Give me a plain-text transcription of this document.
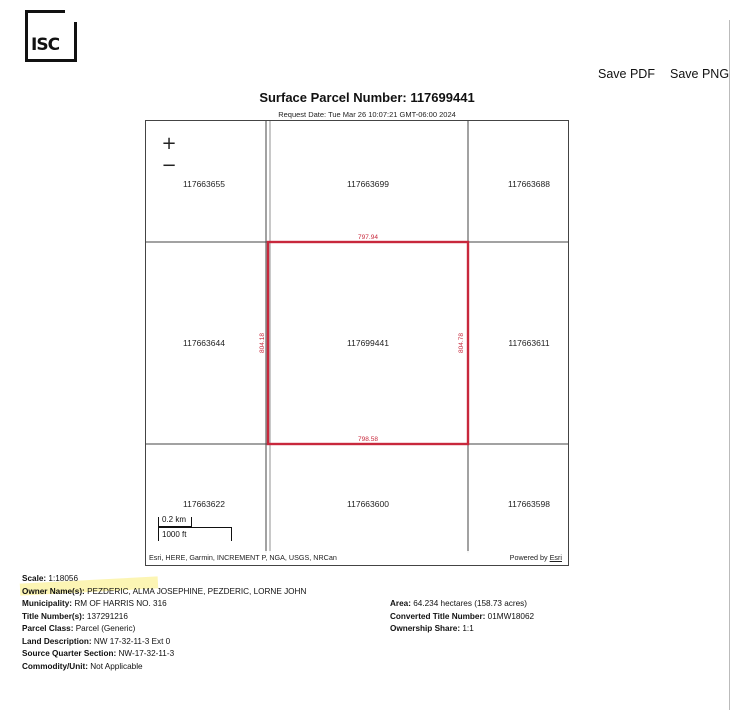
ISC
Save PDF Save PNG
Surface Parcel Number: 117699441
Request Date: Tue Mar 26 10:07:21 GMT-06:00 2024
117663655	117663699	117663688
117663644	117699441	117663611
117663622	117663600	117663598
797.94
798.58
804.18	804.78
+
−
0.2 km
1000 ft
Esri, HERE, Garmin, INCREMENT P, NGA, USGS, NRCan	Powered by Esri
Scale: 1:18056
Owner Name(s): PEZDERIC, ALMA JOSEPHINE, PEZDERIC, LORNE JOHN
Municipality: RM OF HARRIS NO. 316
Title Number(s): 137291216
Parcel Class: Parcel (Generic)
Land Description: NW 17-32-11-3 Ext 0
Source Quarter Section: NW-17-32-11-3
Commodity/Unit: Not Applicable
Area: 64.234 hectares (158.73 acres)
Converted Title Number: 01MW18062
Ownership Share: 1:1
